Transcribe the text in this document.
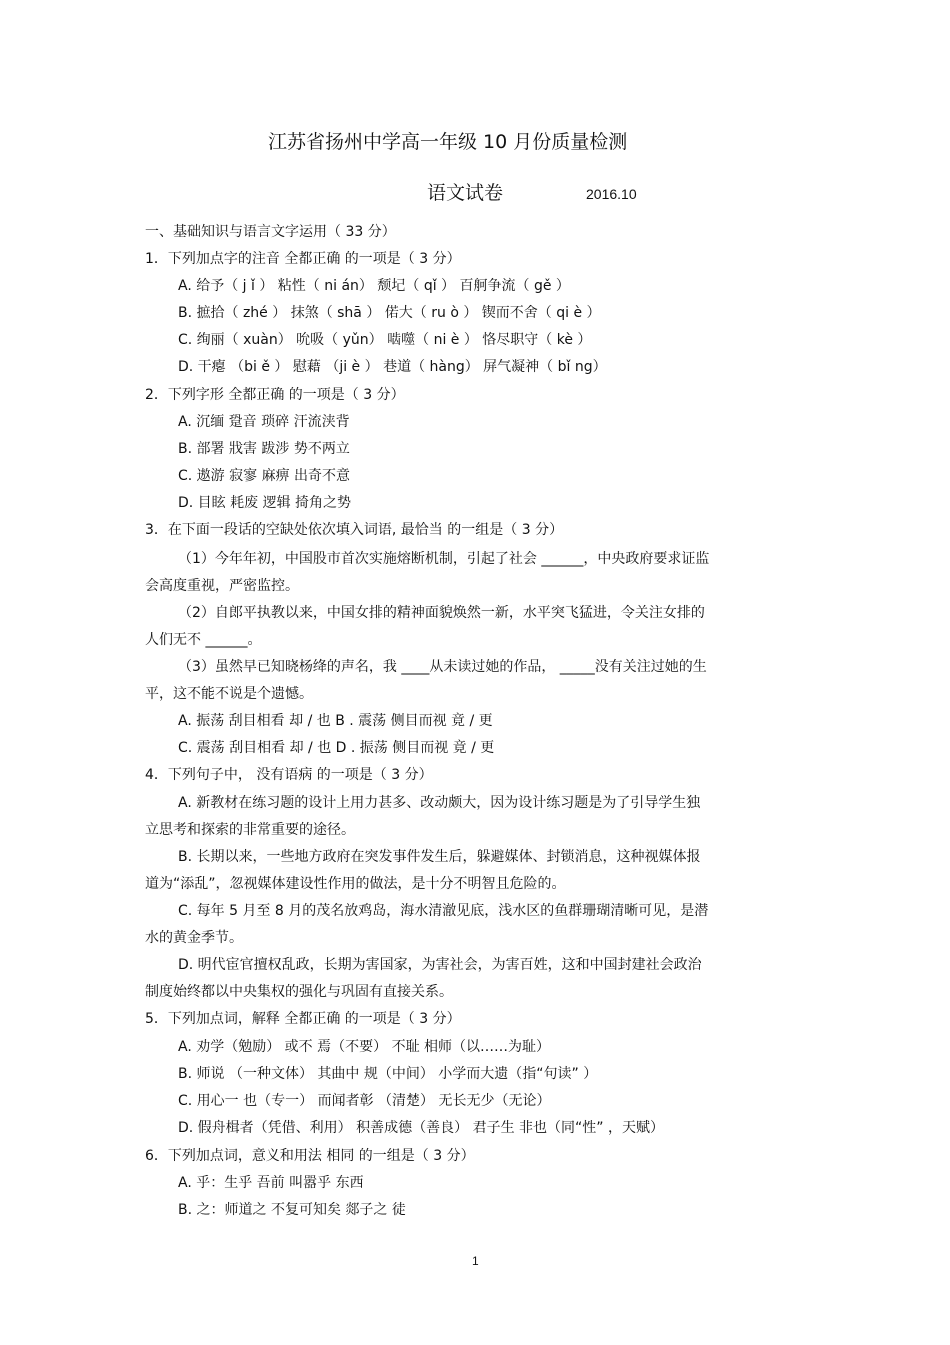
江苏省扬州中学高一年级 10 月份质量检测
语文试卷	2016.10
一、基础知识与语言文字运用（ 33 分）
1．下列加点字的注音 全都正确 的一项是（ 3 分）
A. 给予（ j ǐ ） 粘性（ ni án） 颓圮（ qǐ ） 百舸争流（ gě ）
B. 摭拾（ zhé ） 抹煞（ shā ） 偌大（ ru ò ） 锲而不舍（ qi è ）
C. 绚丽（ xuàn） 吮吸（ yǔn） 啮噬（ ni è ） 恪尽职守（ kè ）
D. 干瘪 （bi ě ） 慰藉 （ji è ） 巷道（ hàng） 屏气凝神（ bǐ ng）
2．下列字形 全都正确 的一项是（ 3 分）
A. 沉缅 跫音 琐碎 汗流浃背
B. 部署 戕害 跋涉 势不两立
C. 遨游 寂寥 麻痹 出奇不意
D. 目眩 耗废 逻辑 掎角之势
3．在下面一段话的空缺处依次填入词语, 最恰当 的一组是（ 3 分）
（1）今年年初，中国股市首次实施熔断机制，引起了社会 ______，中央政府要求证监
会高度重视，严密监控。
（2）自郎平执教以来，中国女排的精神面貌焕然一新，水平突飞猛进，令关注女排的
人们无不 ______。
（3）虽然早已知晓杨绛的声名，我 ____从未读过她的作品， _____没有关注过她的生
平，这不能不说是个遗憾。
A. 振荡 刮目相看 却 / 也 B . 震荡 侧目而视 竟 / 更
C. 震荡 刮目相看 却 / 也 D . 振荡 侧目而视 竟 / 更
4．下列句子中， 没有语病 的一项是（ 3 分）
A. 新教材在练习题的设计上用力甚多、改动颇大，因为设计练习题是为了引导学生独
立思考和探索的非常重要的途径。
B. 长期以来，一些地方政府在突发事件发生后，躲避媒体、封锁消息，这种视媒体报
道为“添乱”，忽视媒体建设性作用的做法，是十分不明智且危险的。
C. 每年 5 月至 8 月的茂名放鸡岛，海水清澈见底，浅水区的鱼群珊瑚清晰可见，是潜
水的黄金季节。
D. 明代宦官擅权乱政，长期为害国家，为害社会，为害百姓，这和中国封建社会政治
制度始终都以中央集权的强化与巩固有直接关系。
5．下列加点词，解释 全都正确 的一项是（ 3 分）
A. 劝学（勉励） 或不 焉（不要） 不耻 相师（以……为耻）
B. 师说 （一种文体） 其曲中 规（中间） 小学而大遗（指“句读” ）
C. 用心一 也（专一） 而闻者彰 （清楚） 无长无少（无论）
D. 假舟楫者（凭借、利用） 积善成德（善良） 君子生 非也（同“性” ，天赋）
6．下列加点词，意义和用法 相同 的一组是（ 3 分）
A. 乎：生乎 吾前 叫嚣乎 东西
B. 之：师道之 不复可知矣 郯子之 徒
1
